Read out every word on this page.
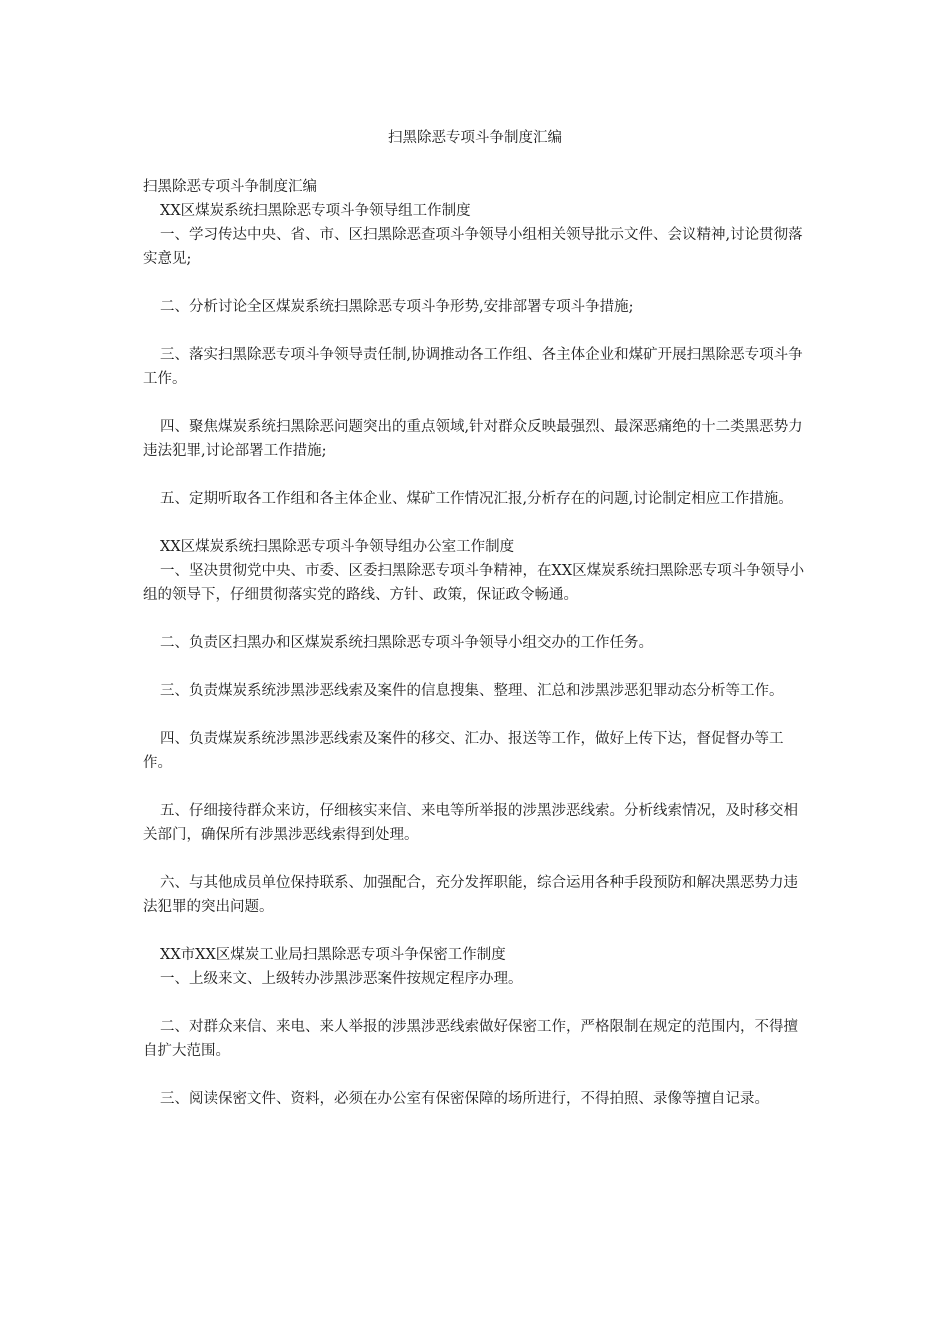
扫黑除恶专项斗争制度汇编

扫黑除恶专项斗争制度汇编

XX区煤炭系统扫黑除恶专项斗争领导组工作制度

一、学习传达中央、省、市、区扫黑除恶查项斗争领导小组相关领导批示文件、会议精神,讨论贯彻落实意见;

二、分析讨论全区煤炭系统扫黑除恶专项斗争形势,安排部署专项斗争措施;

三、落实扫黑除恶专项斗争领导责任制,协调推动各工作组、各主体企业和煤矿开展扫黑除恶专项斗争工作。

四、聚焦煤炭系统扫黑除恶问题突出的重点领域,针对群众反映最强烈、最深恶痛绝的十二类黑恶势力违法犯罪,讨论部署工作措施;

五、定期听取各工作组和各主体企业、煤矿工作情况汇报,分析存在的问题,讨论制定相应工作措施。

XX区煤炭系统扫黑除恶专项斗争领导组办公室工作制度

一、坚决贯彻党中央、市委、区委扫黑除恶专项斗争精神，在XX区煤炭系统扫黑除恶专项斗争领导小组的领导下，仔细贯彻落实党的路线、方针、政策，保证政令畅通。

二、负责区扫黑办和区煤炭系统扫黑除恶专项斗争领导小组交办的工作任务。

三、负责煤炭系统涉黑涉恶线索及案件的信息搜集、整理、汇总和涉黑涉恶犯罪动态分析等工作。

四、负责煤炭系统涉黑涉恶线索及案件的移交、汇办、报送等工作，做好上传下达，督促督办等工作。

五、仔细接待群众来访，仔细核实来信、来电等所举报的涉黑涉恶线索。分析线索情况，及时移交相关部门，确保所有涉黑涉恶线索得到处理。

六、与其他成员单位保持联系、加强配合，充分发挥职能，综合运用各种手段预防和解决黑恶势力违法犯罪的突出问题。

XX市XX区煤炭工业局扫黑除恶专项斗争保密工作制度

一、上级来文、上级转办涉黑涉恶案件按规定程序办理。

二、对群众来信、来电、来人举报的涉黑涉恶线索做好保密工作，严格限制在规定的范围内，不得擅自扩大范围。

三、阅读保密文件、资料，必须在办公室有保密保障的场所进行，不得拍照、录像等擅自记录。
